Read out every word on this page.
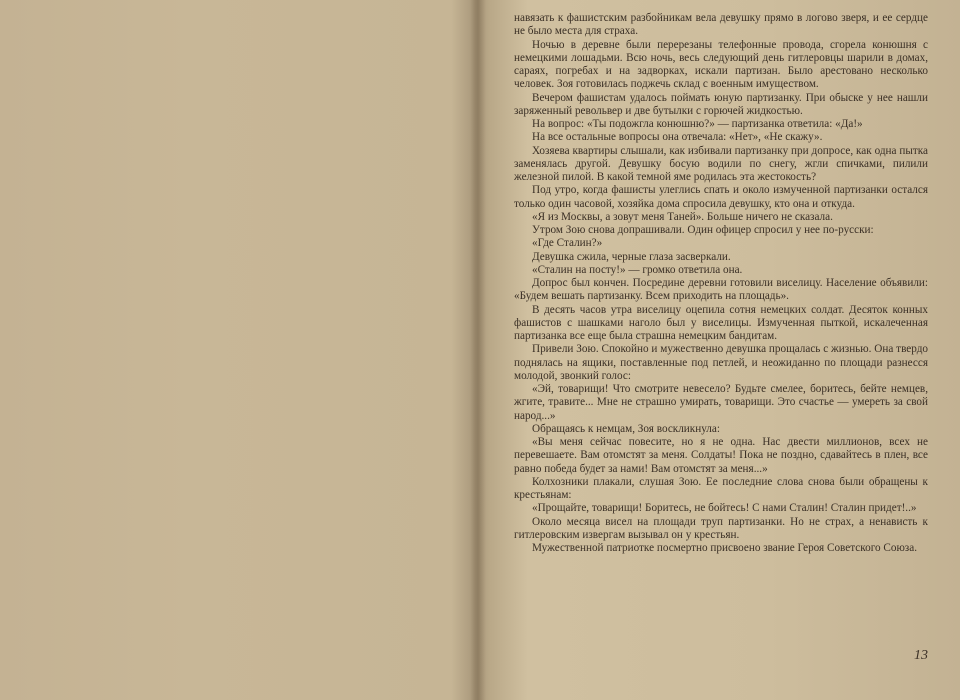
навязать к фашистским разбойникам вела девушку прямо в логово зверя, и ее сердце не было места для страха.

Ночью в деревне были перерезаны телефонные провода, сгорела конюшня с немецкими лошадьми. Всю ночь, весь следующий день гитлеровцы шарили в домах, сараях, погребах и на задворках, искали партизан. Было арестовано несколько человек. Зоя готовилась поджечь склад с военным имуществом.

Вечером фашистам удалось поймать юную партизанку. При обыске у нее нашли заряженный револьвер и две бутылки с горючей жидкостью.

На вопрос: «Ты подожгла конюшню?» — партизанка ответила: «Да!»

На все остальные вопросы она отвечала: «Нет», «Не скажу».

Хозяева квартиры слышали, как избивали партизанку при допросе, как одна пытка заменялась другой. Девушку босую водили по снегу, жгли спичками, пилили железной пилой. В какой темной яме родилась эта жестокость?

Под утро, когда фашисты улеглись спать и около измученной партизанки остался только один часовой, хозяйка дома спросила девушку, кто она и откуда.

«Я из Москвы, а зовут меня Таней». Больше ничего не сказала.

Утром Зою снова допрашивали. Один офицер спросил у нее по-русски:

«Где Сталин?»

Девушка сжила, черные глаза засверкали.

«Сталин на посту!» — громко ответила она.

Допрос был кончен. Посредине деревни готовили виселицу. Население объявили: «Будем вешать партизанку. Всем приходить на площадь».

В десять часов утра виселицу оцепила сотня немецких солдат. Десяток конных фашистов с шашками наголо был у виселицы. Измученная пыткой, искалеченная партизанка все еще была страшна немецким бандитам.

Привели Зою. Спокойно и мужественно девушка прощалась с жизнью. Она твердо поднялась на ящики, поставленные под петлей, и неожиданно по площади разнесся молодой, звонкий голос:

«Эй, товарищи! Что смотрите невесело? Будьте смелее, боритесь, бейте немцев, жгите, травите... Мне не страшно умирать, товарищи. Это счастье — умереть за свой народ...»

Обращаясь к немцам, Зоя воскликнула:

«Вы меня сейчас повесите, но я не одна. Нас двести миллионов, всех не перевешаете. Вам отомстят за меня. Солдаты! Пока не поздно, сдавайтесь в плен, все равно победа будет за нами! Вам отомстят за меня...»

Колхозники плакали, слушая Зою. Ее последние слова снова были обращены к крестьянам:

«Прощайте, товарищи! Боритесь, не бойтесь! С нами Сталин! Сталин придет!..»

Около месяца висел на площади труп партизанки. Но не страх, а ненависть к гитлеровским извергам вызывал он у крестьян.

Мужественной патриотке посмертно присвоено звание Героя Советского Союза.

13
